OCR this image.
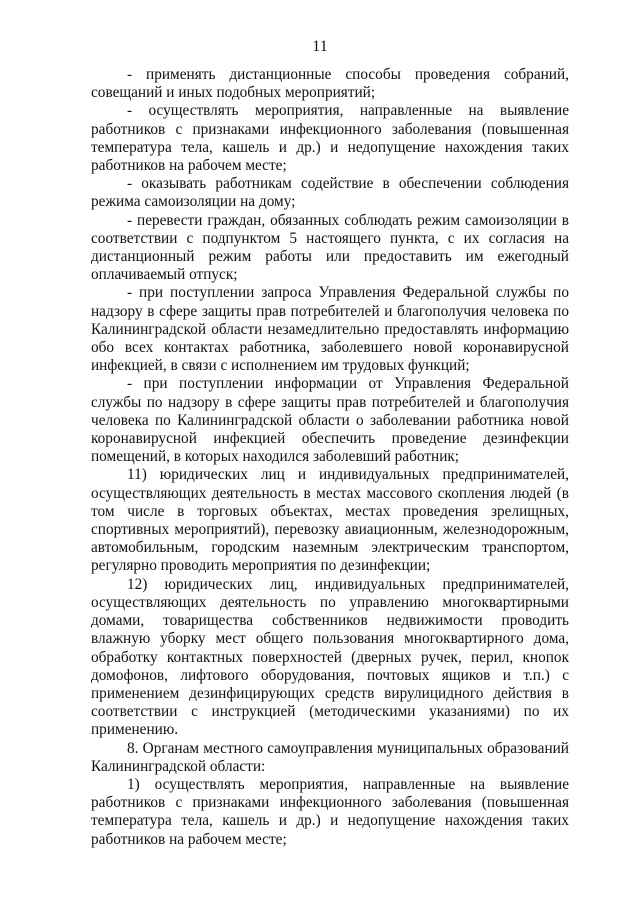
11

- применять дистанционные способы проведения собраний, совещаний и иных подобных мероприятий;

- осуществлять мероприятия, направленные на выявление работников с признаками инфекционного заболевания (повышенная температура тела, кашель и др.) и недопущение нахождения таких работников на рабочем месте;

- оказывать работникам содействие в обеспечении соблюдения режима самоизоляции на дому;

- перевести граждан, обязанных соблюдать режим самоизоляции в соответствии с подпунктом 5 настоящего пункта, с их согласия на дистанционный режим работы или предоставить им ежегодный оплачиваемый отпуск;

- при поступлении запроса Управления Федеральной службы по надзору в сфере защиты прав потребителей и благополучия человека по Калининградской области незамедлительно предоставлять информацию обо всех контактах работника, заболевшего новой коронавирусной инфекцией, в связи с исполнением им трудовых функций;

- при поступлении информации от Управления Федеральной службы по надзору в сфере защиты прав потребителей и благополучия человека по Калининградской области о заболевании работника новой коронавирусной инфекцией обеспечить проведение дезинфекции помещений, в которых находился заболевший работник;

11) юридических лиц и индивидуальных предпринимателей, осуществляющих деятельность в местах массового скопления людей (в том числе в торговых объектах, местах проведения зрелищных, спортивных мероприятий), перевозку авиационным, железнодорожным, автомобильным, городским наземным электрическим транспортом, регулярно проводить мероприятия по дезинфекции;

12) юридических лиц, индивидуальных предпринимателей, осуществляющих деятельность по управлению многоквартирными домами, товарищества собственников недвижимости проводить влажную уборку мест общего пользования многоквартирного дома, обработку контактных поверхностей (дверных ручек, перил, кнопок домофонов, лифтового оборудования, почтовых ящиков и т.п.) с применением дезинфицирующих средств вирулицидного действия в соответствии с инструкцией (методическими указаниями) по их применению.

8. Органам местного самоуправления муниципальных образований Калининградской области:

1) осуществлять мероприятия, направленные на выявление работников с признаками инфекционного заболевания (повышенная температура тела, кашель и др.) и недопущение нахождения таких работников на рабочем месте;
